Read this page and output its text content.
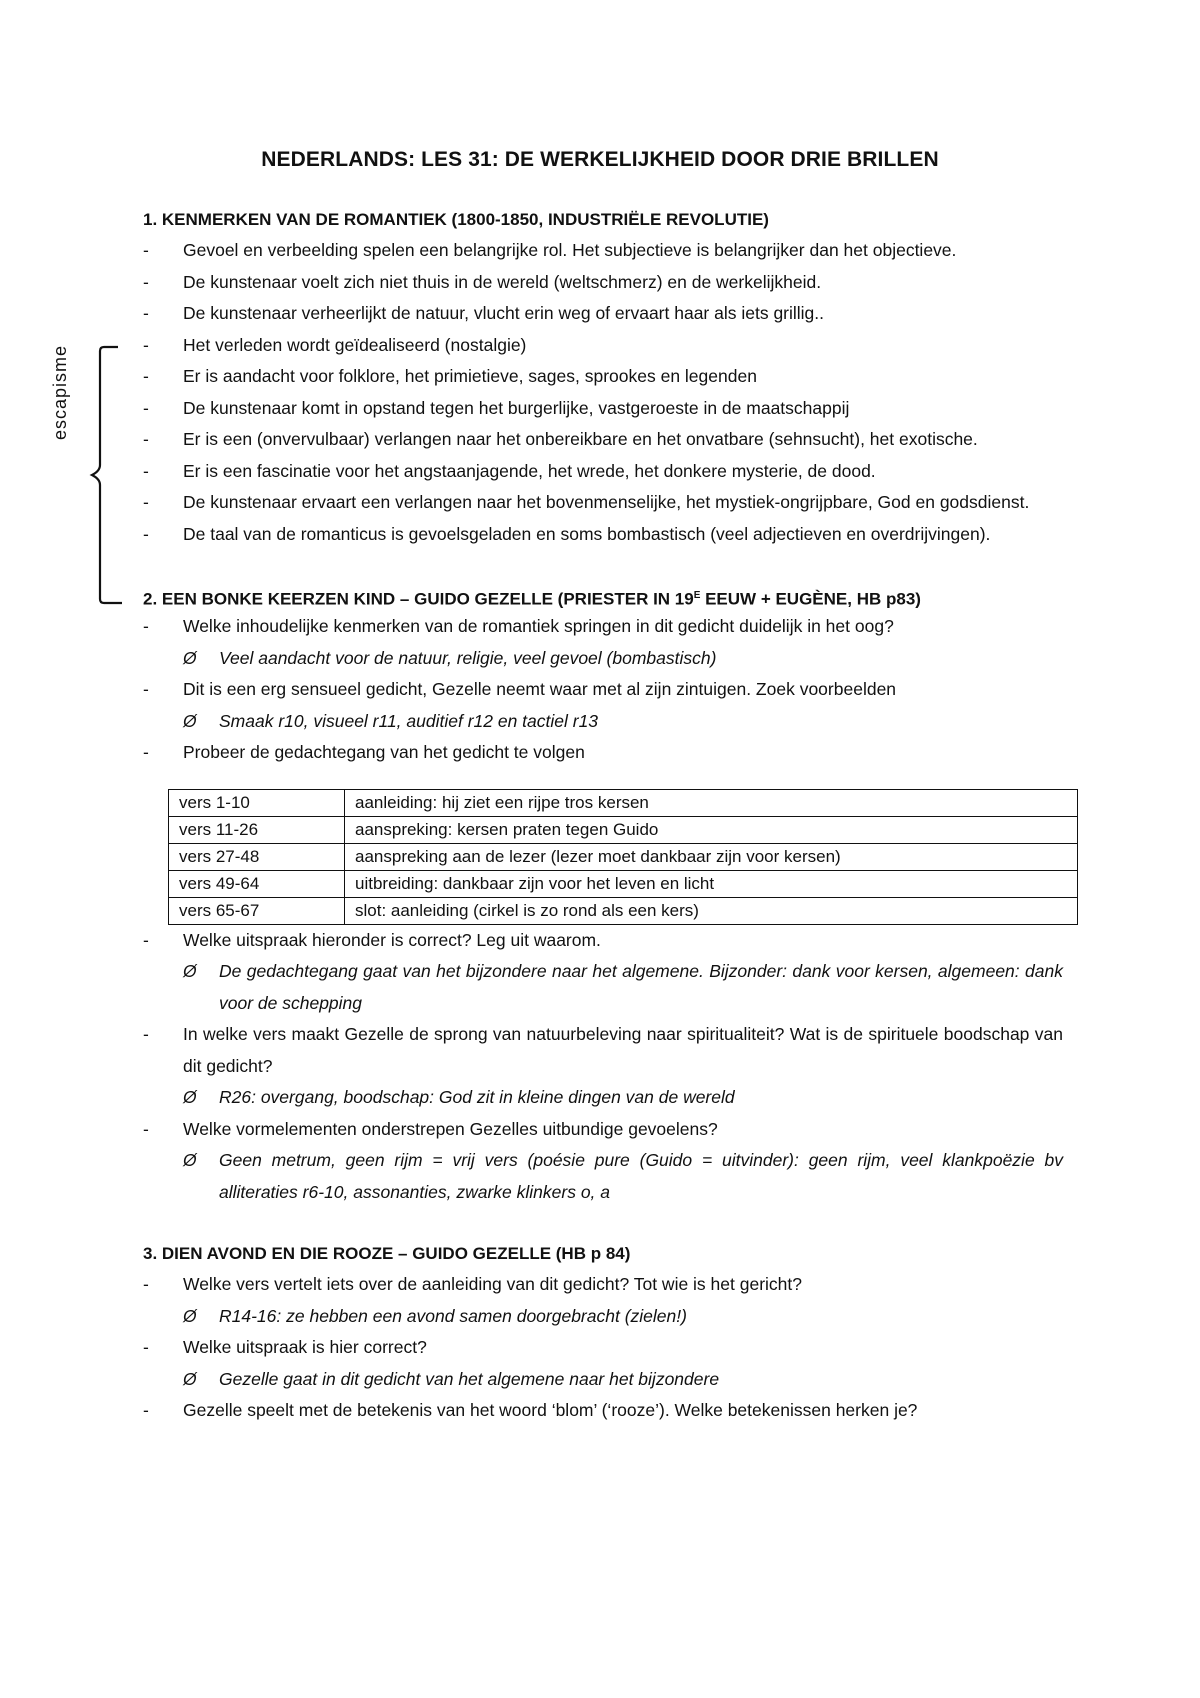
NEDERLANDS: LES 31: DE WERKELIJKHEID DOOR DRIE BRILLEN
escapisme
1. KENMERKEN VAN DE ROMANTIEK (1800-1850, INDUSTRIËLE REVOLUTIE)
-	Gevoel en verbeelding spelen een belangrijke rol. Het subjectieve is belangrijker dan het objectieve.
-	De kunstenaar voelt zich niet thuis in de wereld (weltschmerz) en de werkelijkheid.
-	De kunstenaar verheerlijkt de natuur, vlucht erin weg of ervaart haar als iets grillig..
-	Het verleden wordt geïdealiseerd (nostalgie)
-	Er is aandacht voor folklore, het primietieve, sages, sprookes en legenden
-	De kunstenaar komt in opstand tegen het burgerlijke, vastgeroeste in de maatschappij
-	Er is een (onvervulbaar) verlangen naar het onbereikbare en het onvatbare (sehnsucht), het exotische.
-	Er is een fascinatie voor het angstaanjagende, het wrede, het donkere mysterie, de dood.
-	De kunstenaar ervaart een verlangen naar het bovenmenselijke, het mystiek-ongrijpbare, God en godsdienst.
-	De taal van de romanticus is gevoelsgeladen en soms bombastisch (veel adjectieven en overdrijvingen).
2. EEN BONKE KEERZEN KIND – GUIDO GEZELLE (PRIESTER IN $19^E$ EEUW + EUGÈNE, HB p83)
-	Welke inhoudelijke kenmerken van de romantiek springen in dit gedicht duidelijk in het oog?
Ø	Veel aandacht voor de natuur, religie, veel gevoel (bombastisch)
-	Dit is een erg sensueel gedicht, Gezelle neemt waar met al zijn zintuigen. Zoek voorbeelden
Ø	Smaak r10, visueel r11, auditief r12 en tactiel r13
-	Probeer de gedachtegang van het gedicht te volgen
vers 1-10	aanleiding: hij ziet een rijpe tros kersen
vers 11-26	aanspreking: kersen praten tegen Guido
vers 27-48	aanspreking aan de lezer (lezer moet dankbaar zijn voor kersen)
vers 49-64	uitbreiding: dankbaar zijn voor het leven en licht
vers 65-67	slot: aanleiding (cirkel is zo rond als een kers)
-	Welke uitspraak hieronder is correct? Leg uit waarom.
Ø	De gedachtegang gaat van het bijzondere naar het algemene. Bijzonder: dank voor kersen, algemeen: dank voor de schepping
-	In welke vers maakt Gezelle de sprong van natuurbeleving naar spiritualiteit? Wat is de spirituele boodschap van dit gedicht?
Ø	R26: overgang, boodschap: God zit in kleine dingen van de wereld
-	Welke vormelementen onderstrepen Gezelles uitbundige gevoelens?
Ø	Geen metrum, geen rijm = vrij vers (poésie pure (Guido = uitvinder): geen rijm, veel klankpoëzie bv alliteraties r6-10, assonanties, zwarke klinkers o, a
3. DIEN AVOND EN DIE ROOZE – GUIDO GEZELLE (HB p 84)
-	Welke vers vertelt iets over de aanleiding van dit gedicht? Tot wie is het gericht?
Ø	R14-16: ze hebben een avond samen doorgebracht (zielen!)
-	Welke uitspraak is hier correct?
Ø	Gezelle gaat in dit gedicht van het algemene naar het bijzondere
-	Gezelle speelt met de betekenis van het woord ‘blom’ (‘rooze’). Welke betekenissen herken je?
